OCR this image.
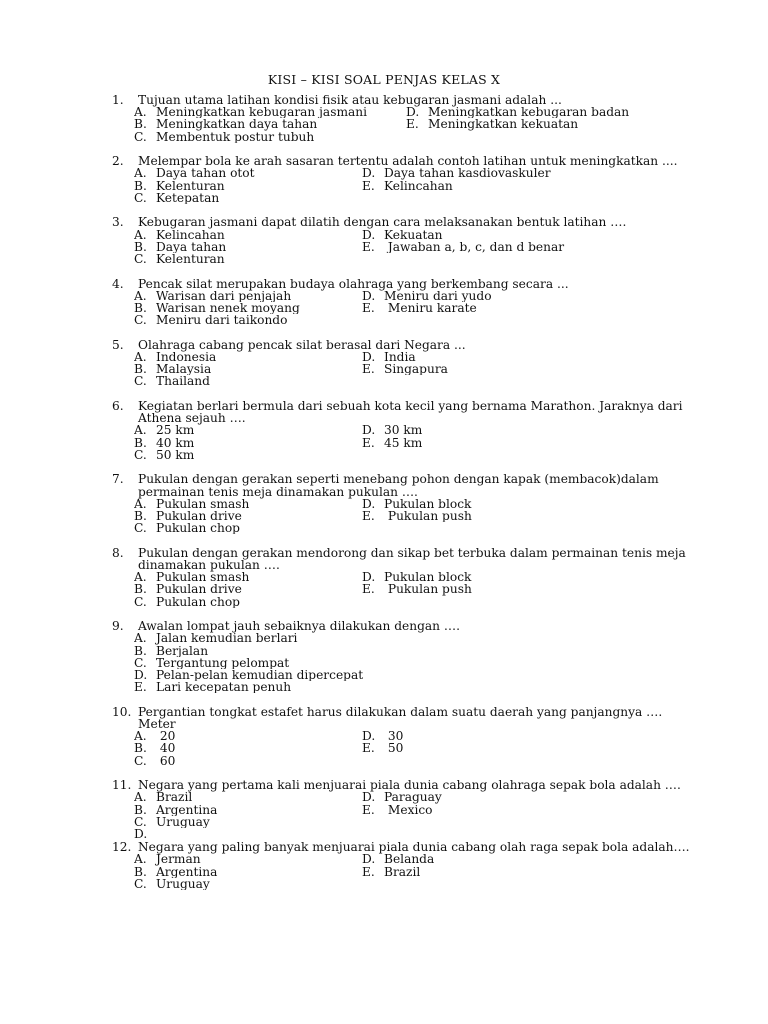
KISI – KISI SOAL PENJAS KELAS X
1.	Tujuan utama latihan kondisi fisik atau kebugaran jasmani adalah ...
A. Meningkatkan kebugaran jasmani	D. Meningkatkan kebugaran badan
B. Meningkatkan daya tahan	E. Meningkatkan kekuatan
C. Membentuk postur tubuh
2.	Melempar bola ke arah sasaran tertentu adalah contoh latihan untuk meningkatkan ....
A. Daya tahan otot	D. Daya tahan kasdiovaskuler
B. Kelenturan	E. Kelincahan
C. Ketepatan
3.	Kebugaran jasmani dapat dilatih dengan cara melaksanakan bentuk latihan ….
A. Kelincahan	D. Kekuatan
B. Daya tahan	E. Jawaban a, b, c, dan d benar
C. Kelenturan
4.	Pencak silat merupakan budaya olahraga yang berkembang secara ...
A. Warisan dari penjajah	D. Meniru dari yudo
B. Warisan nenek moyang	E. Meniru karate
C. Meniru dari taikondo
5.	Olahraga cabang pencak silat berasal dari Negara ...
A. Indonesia	D. India
B. Malaysia	E. Singapura
C. Thailand
6.	Kegiatan berlari bermula dari sebuah kota kecil yang bernama Marathon. Jaraknya dari Athena sejauh ….
A. 25 km	D. 30 km
B. 40 km	E. 45 km
C. 50 km
7.	Pukulan dengan gerakan seperti menebang pohon dengan kapak (membacok)dalam permainan tenis meja dinamakan pukulan ….
A. Pukulan smash	D. Pukulan block
B. Pukulan drive	E. Pukulan push
C. Pukulan chop
8.	Pukulan dengan gerakan mendorong dan sikap bet terbuka dalam permainan tenis meja dinamakan pukulan ….
A. Pukulan smash	D. Pukulan block
B. Pukulan drive	E. Pukulan push
C. Pukulan chop
9.	Awalan lompat jauh sebaiknya dilakukan dengan ….
A. Jalan kemudian berlari
B. Berjalan
C. Tergantung pelompat
D. Pelan-pelan kemudian dipercepat
E. Lari kecepatan penuh
10. Pergantian tongkat estafet harus dilakukan dalam suatu daerah yang panjangnya …. Meter
A. 20	D. 30
B. 40	E. 50
C. 60
11. Negara yang pertama kali menjuarai piala dunia cabang olahraga sepak bola adalah ….
A. Brazil	D. Paraguay
B. Argentina	E. Mexico
C. Uruguay
D.
12. Negara yang paling banyak menjuarai piala dunia cabang olah raga sepak bola adalah….
A. Jerman	D. Belanda
B. Argentina	E. Brazil
C. Uruguay
